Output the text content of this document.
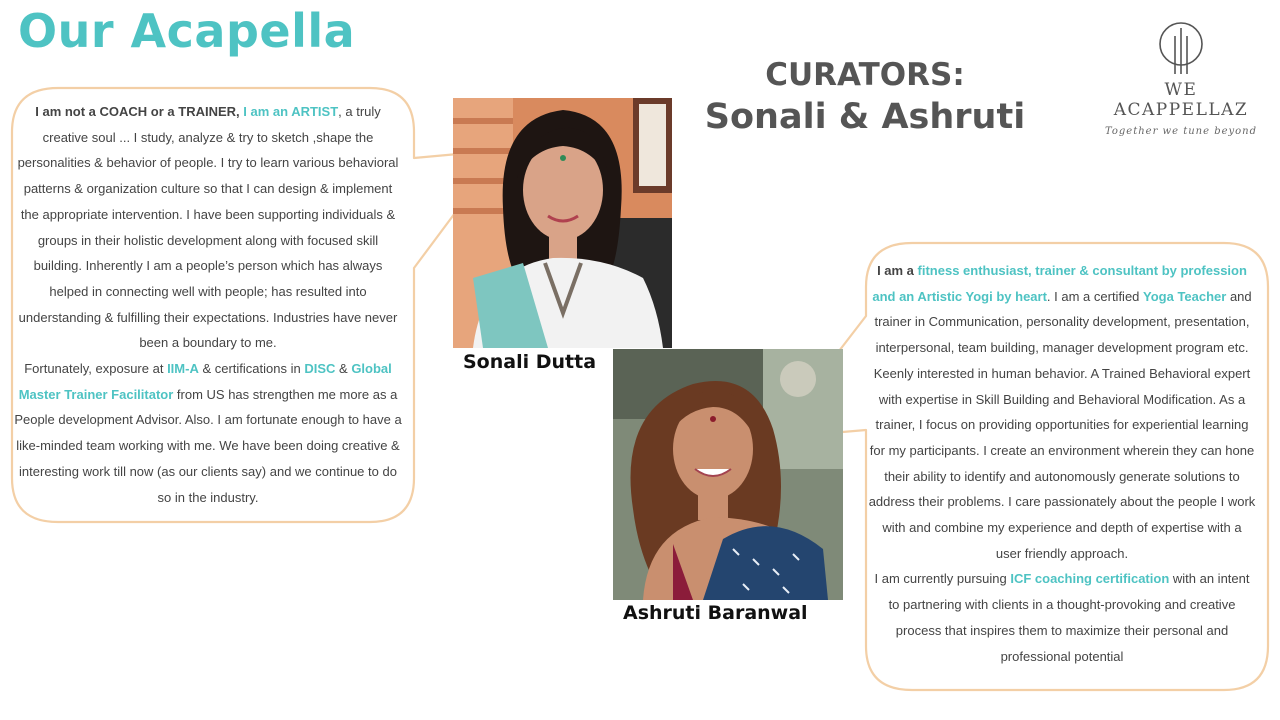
Our Acapella
CURATORS:
Sonali & Ashruti
WE ACAPPELLAZ
Together we tune beyond
I am not a COACH or a TRAINER, I am an ARTIST, a truly creative soul ... I study, analyze & try to sketch ,shape the personalities & behavior of people. I try to learn various behavioral patterns & organization culture so that I can design & implement the appropriate intervention. I have been supporting individuals & groups in their holistic development along with focused skill building. Inherently I am a people’s person which has always helped in connecting well with people; has resulted into understanding & fulfilling their expectations. Industries have never been a boundary to me.
Fortunately, exposure at IIM-A & certifications in DISC & Global Master Trainer Facilitator from US has strengthen me more as a People development Advisor. Also. I am fortunate enough to have a like-minded team working with me. We have been doing creative & interesting work till now (as our clients say) and we continue to do so in the industry.
I am a fitness enthusiast, trainer & consultant by profession and an Artistic Yogi by heart. I am a certified Yoga Teacher and trainer in Communication, personality development, presentation, interpersonal, team building, manager development program etc. Keenly interested in human behavior. A Trained Behavioral expert with expertise in Skill Building and Behavioral Modification. As a trainer, I focus on providing opportunities for experiential learning for my participants. I create an environment wherein they can hone their ability to identify and autonomously generate solutions to address their problems. I care passionately about the people I work with and combine my experience and depth of expertise with a user friendly approach.
I am currently pursuing ICF coaching certification with an intent to partnering with clients in a thought-provoking and creative process that inspires them to maximize their personal and professional potential
Sonali Dutta
Ashruti Baranwal
